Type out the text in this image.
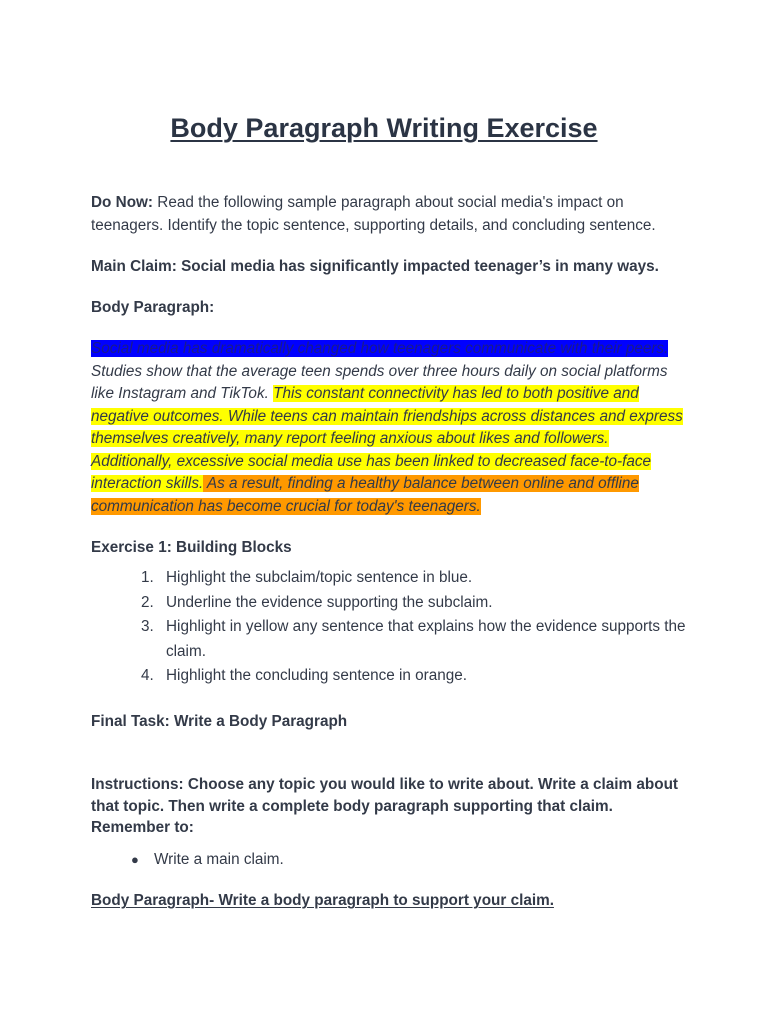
Body Paragraph Writing Exercise
Do Now: Read the following sample paragraph about social media's impact on teenagers. Identify the topic sentence, supporting details, and concluding sentence.
Main Claim: Social media has significantly impacted teenager’s in many ways.
Body Paragraph:
Social media has dramatically changed how teenagers communicate with their peers. Studies show that the average teen spends over three hours daily on social platforms like Instagram and TikTok. This constant connectivity has led to both positive and negative outcomes. While teens can maintain friendships across distances and express themselves creatively, many report feeling anxious about likes and followers. Additionally, excessive social media use has been linked to decreased face-to-face interaction skills. As a result, finding a healthy balance between online and offline communication has become crucial for today's teenagers.
Exercise 1: Building Blocks
1. Highlight the subclaim/topic sentence in blue.
2. Underline the evidence supporting the subclaim.
3. Highlight in yellow any sentence that explains how the evidence supports the claim.
4. Highlight the concluding sentence in orange.
Final Task: Write a Body Paragraph
Instructions: Choose any topic you would like to write about. Write a claim about that topic. Then write a complete body paragraph supporting that claim. Remember to:
● Write a main claim.
Body Paragraph- Write a body paragraph to support your claim.
